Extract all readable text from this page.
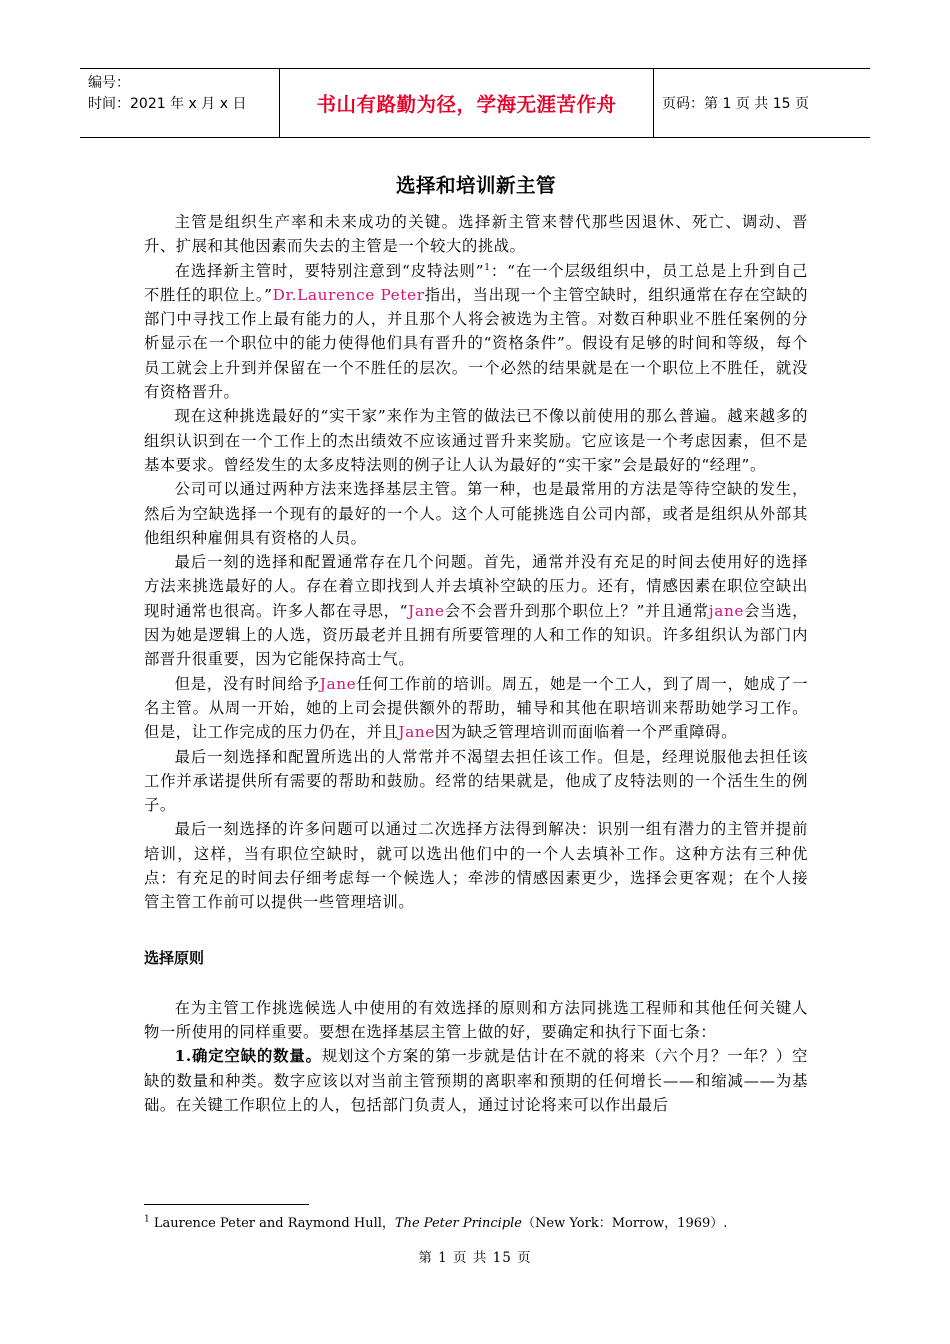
编号：
时间：2021 年 x 月 x 日	书山有路勤为径，学海无涯苦作舟	页码：第 1 页 共 15 页
选择和培训新主管

主管是组织生产率和未来成功的关键。选择新主管来替代那些因退休、死亡、调动、晋升、扩展和其他因素而失去的主管是一个较大的挑战。

在选择新主管时，要特别注意到“皮特法则”$^1$：“在一个层级组织中，员工总是上升到自己不胜任的职位上。”Dr.Laurence Peter指出，当出现一个主管空缺时，组织通常在存在空缺的部门中寻找工作上最有能力的人，并且那个人将会被选为主管。对数百种职业不胜任案例的分析显示在一个职位中的能力使得他们具有晋升的“资格条件”。假设有足够的时间和等级，每个员工就会上升到并保留在一个不胜任的层次。一个必然的结果就是在一个职位上不胜任，就没有资格晋升。

现在这种挑选最好的“实干家”来作为主管的做法已不像以前使用的那么普遍。越来越多的组织认识到在一个工作上的杰出绩效不应该通过晋升来奖励。它应该是一个考虑因素，但不是基本要求。曾经发生的太多皮特法则的例子让人认为最好的“实干家”会是最好的“经理”。

公司可以通过两种方法来选择基层主管。第一种，也是最常用的方法是等待空缺的发生，然后为空缺选择一个现有的最好的一个人。这个人可能挑选自公司内部，或者是组织从外部其他组织种雇佣具有资格的人员。

最后一刻的选择和配置通常存在几个问题。首先，通常并没有充足的时间去使用好的选择方法来挑选最好的人。存在着立即找到人并去填补空缺的压力。还有，情感因素在职位空缺出现时通常也很高。许多人都在寻思，“Jane会不会晋升到那个职位上？”并且通常jane会当选，因为她是逻辑上的人选，资历最老并且拥有所要管理的人和工作的知识。许多组织认为部门内部晋升很重要，因为它能保持高士气。

但是，没有时间给予Jane任何工作前的培训。周五，她是一个工人，到了周一，她成了一名主管。从周一开始，她的上司会提供额外的帮助，辅导和其他在职培训来帮助她学习工作。但是，让工作完成的压力仍在，并且Jane因为缺乏管理培训而面临着一个严重障碍。

最后一刻选择和配置所选出的人常常并不渴望去担任该工作。但是，经理说服他去担任该工作并承诺提供所有需要的帮助和鼓励。经常的结果就是，他成了皮特法则的一个活生生的例子。

最后一刻选择的许多问题可以通过二次选择方法得到解决：识别一组有潜力的主管并提前培训，这样，当有职位空缺时，就可以选出他们中的一个人去填补工作。这种方法有三种优点：有充足的时间去仔细考虑每一个候选人；牵涉的情感因素更少，选择会更客观；在个人接管主管工作前可以提供一些管理培训。

选择原则

在为主管工作挑选候选人中使用的有效选择的原则和方法同挑选工程师和其他任何关键人物一所使用的同样重要。要想在选择基层主管上做的好，要确定和执行下面七条：

1.确定空缺的数量。规划这个方案的第一步就是估计在不就的将来（六个月？一年？）空缺的数量和种类。数字应该以对当前主管预期的离职率和预期的任何增长——和缩减——为基础。在关键工作职位上的人，包括部门负责人，通过讨论将来可以作出最后

$^1$ Laurence Peter and Raymond Hull，The Peter Principle（New York：Morrow，1969）.
第 1 页 共 15 页
